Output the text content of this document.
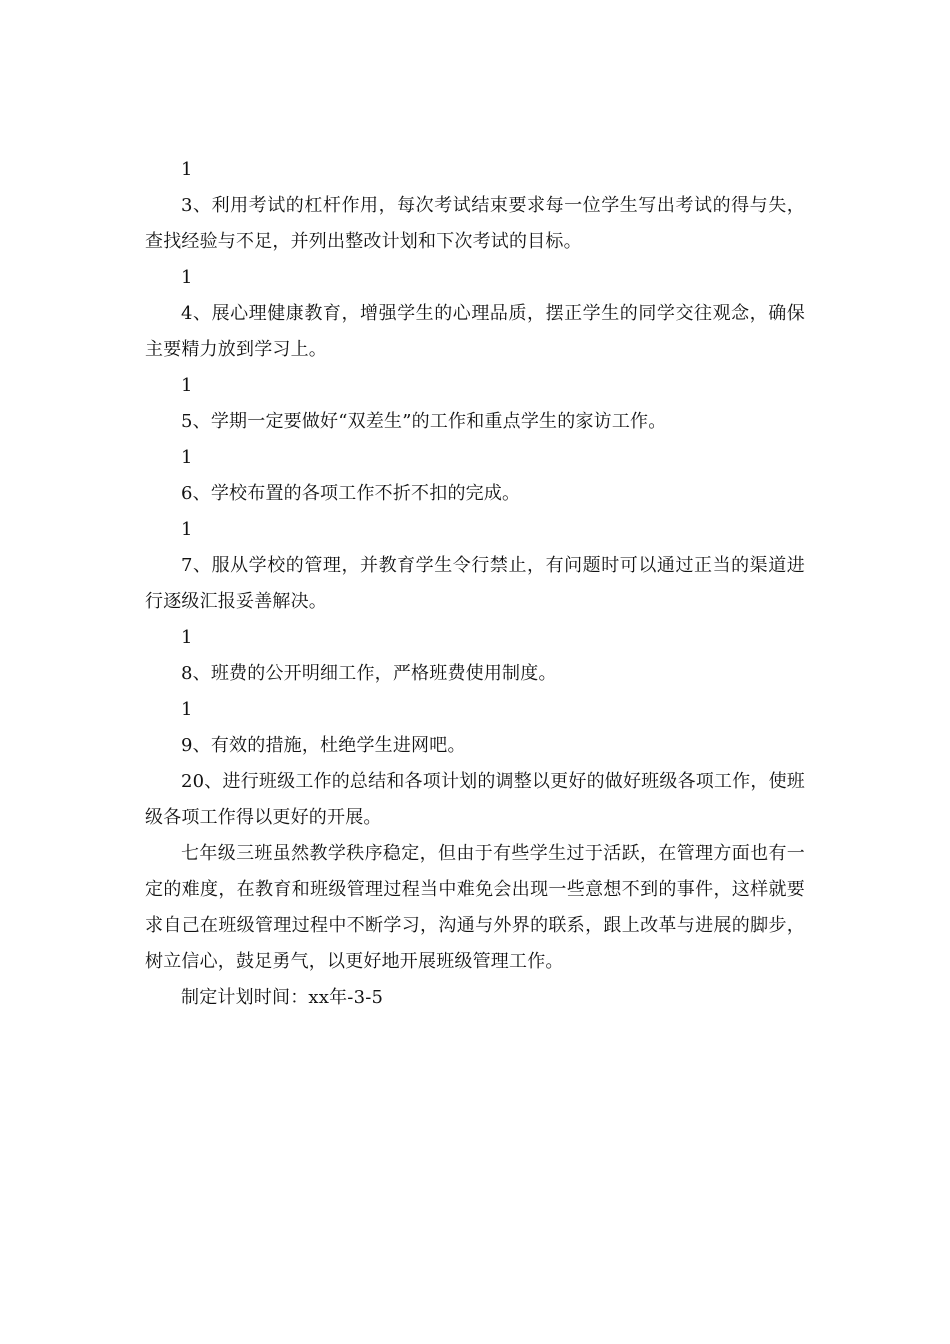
1

3、利用考试的杠杆作用，每次考试结束要求每一位学生写出考试的得与失，查找经验与不足，并列出整改计划和下次考试的目标。

1

4、展心理健康教育，增强学生的心理品质，摆正学生的同学交往观念，确保主要精力放到学习上。

1

5、学期一定要做好“双差生”的工作和重点学生的家访工作。

1

6、学校布置的各项工作不折不扣的完成。

1

7、服从学校的管理，并教育学生令行禁止，有问题时可以通过正当的渠道进行逐级汇报妥善解决。

1

8、班费的公开明细工作，严格班费使用制度。

1

9、有效的措施，杜绝学生进网吧。

20、进行班级工作的总结和各项计划的调整以更好的做好班级各项工作，使班级各项工作得以更好的开展。

七年级三班虽然教学秩序稳定，但由于有些学生过于活跃，在管理方面也有一定的难度，在教育和班级管理过程当中难免会出现一些意想不到的事件，这样就要求自己在班级管理过程中不断学习，沟通与外界的联系，跟上改革与进展的脚步，树立信心，鼓足勇气，以更好地开展班级管理工作。

制定计划时间：xx年-3-5
